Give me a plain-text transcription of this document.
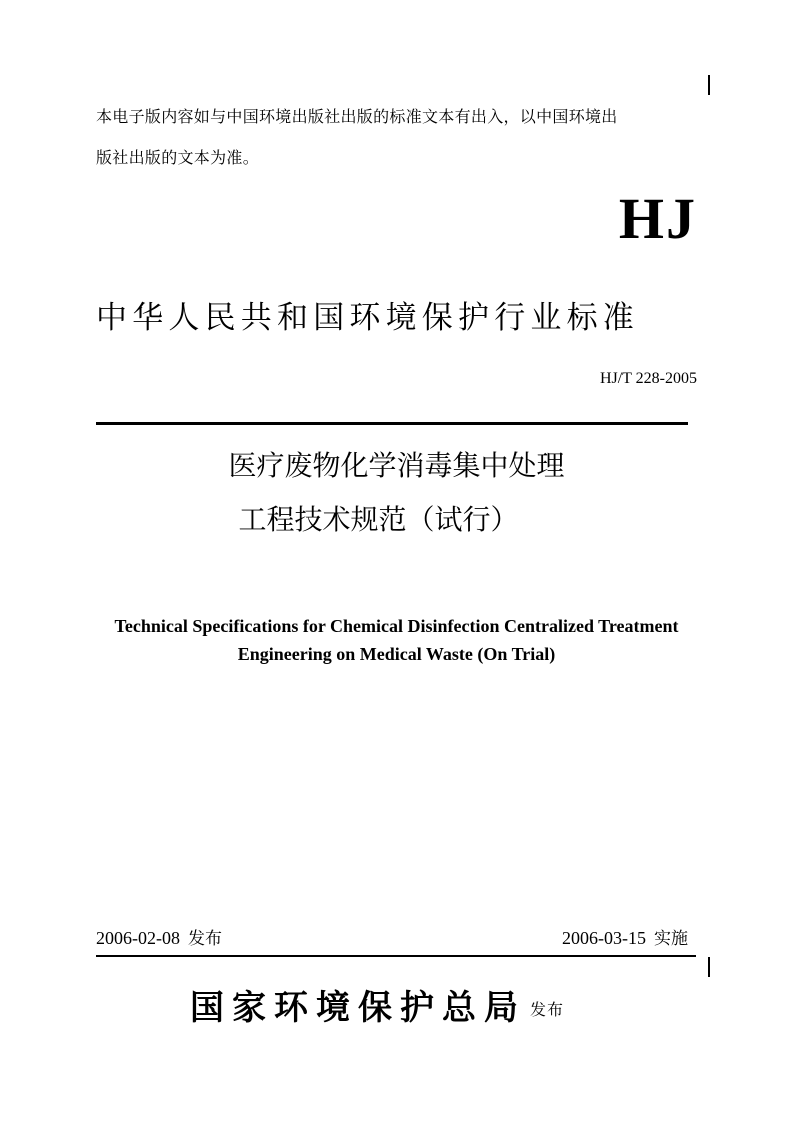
本电子版内容如与中国环境出版社出版的标准文本有出入，以中国环境出
版社出版的文本为准。
HJ
中华人民共和国环境保护行业标准
HJ/T 228-2005
医疗废物化学消毒集中处理
工程技术规范（试行）
Technical Specifications for Chemical Disinfection Centralized Treatment
Engineering on Medical Waste (On Trial)
2006-02-08 发布	2006-03-15 实施
国家环境保护总局 发布
